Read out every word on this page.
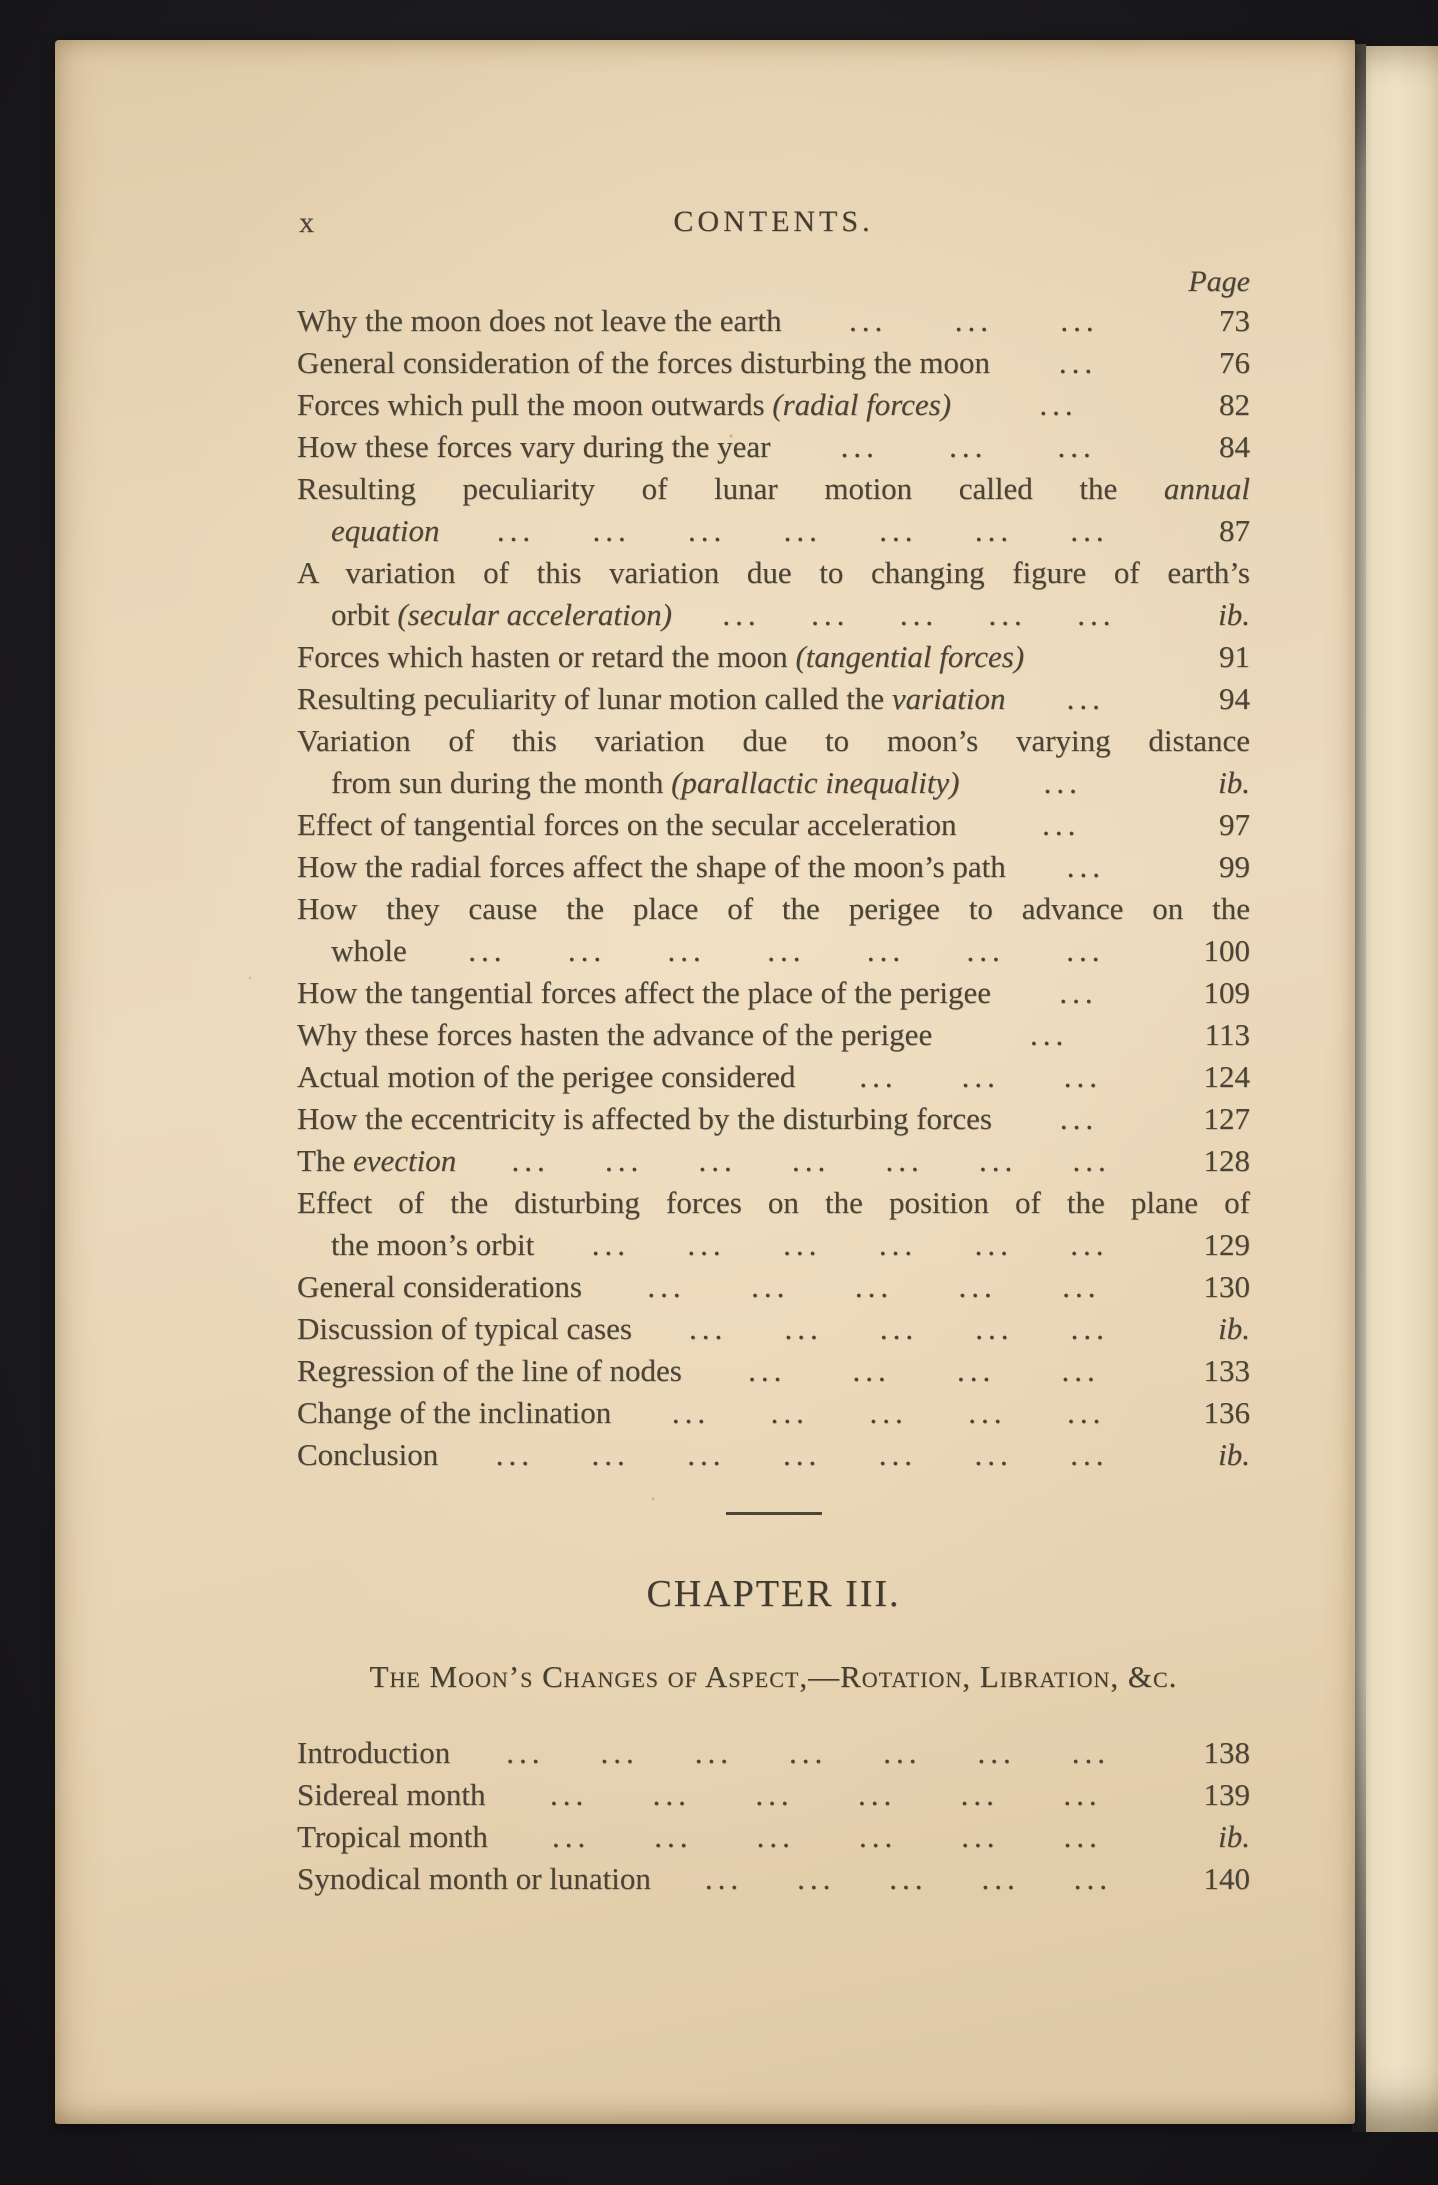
x	CONTENTS.
Page
Why the moon does not leave the earth ... ... ...	73
General consideration of the forces disturbing the moon ...	76
Forces which pull the moon outwards (radial forces)	...	82
How these forces vary during the year ... ... ...	84
Resulting peculiarity of lunar motion called the annual
equation ... ... ... ... ... ... ...	87
A variation of this variation due to changing figure of earth’s
orbit (secular acceleration) ... ... ... ... ...	ib.
Forces which hasten or retard the moon (tangential forces)	91
Resulting peculiarity of lunar motion called the variation ...	94
Variation of this variation due to moon’s varying distance
from sun during the month (parallactic inequality)	...	ib.
Effect of tangential forces on the secular acceleration	...	97
How the radial forces affect the shape of the moon’s path ...	99
How they cause the place of the perigee to advance on the
whole ... ... ... ... ... ... ...	100
How the tangential forces affect the place of the perigee ...	109
Why these forces hasten the advance of the perigee	...	113
Actual motion of the perigee considered ... ... ...	124
How the eccentricity is affected by the disturbing forces ...	127
The evection ... ... ... ... ... ... ...	128
Effect of the disturbing forces on the position of the plane of
the moon’s orbit ... ... ... ... ... ...	129
General considerations ... ... ... ... ...	130
Discussion of typical cases ... ... ... ... ...	ib.
Regression of the line of nodes ... ... ... ...	133
Change of the inclination ... ... ... ... ...	136
Conclusion ... ... ... ... ... ... ...	ib.
CHAPTER III.
The Moon’s Changes of Aspect,—Rotation, Libration, &c.
Introduction ... ... ... ... ... ... ...	138
Sidereal month ... ... ... ... ... ...	139
Tropical month ... ... ... ... ... ...	ib.
Synodical month or lunation ... ... ... ... ...	140
